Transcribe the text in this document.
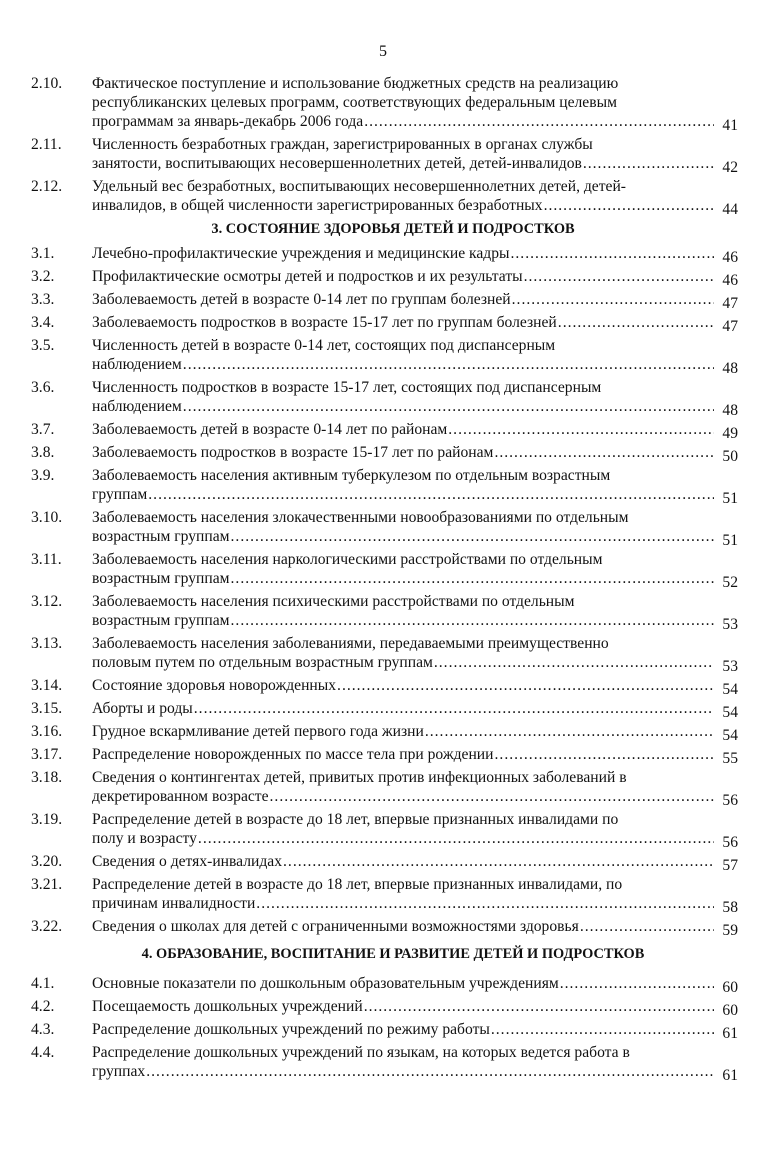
5
2.10.	Фактическое поступление и использование бюджетных средств на реализацию
республиканских целевых программ, соответствующих федеральным целевым
программам за январь-декабрь 2006 года .....	41
2.11.	Численность безработных граждан, зарегистрированных в органах службы
занятости, воспитывающих несовершеннолетних детей, детей-инвалидов .....	42
2.12.	Удельный вес безработных, воспитывающих несовершеннолетних детей, детей-
инвалидов, в общей численности зарегистрированных безработных .....	44
3. СОСТОЯНИЕ ЗДОРОВЬЯ ДЕТЕЙ И ПОДРОСТКОВ
3.1.	Лечебно-профилактические учреждения и медицинские кадры .....	46
3.2.	Профилактические осмотры детей и подростков и их результаты .....	46
3.3.	Заболеваемость детей в возрасте 0-14 лет по группам болезней .....	47
3.4.	Заболеваемость подростков в возрасте 15-17 лет по группам болезней .....	47
3.5.	Численность детей в возрасте 0-14 лет, состоящих под диспансерным
наблюдением .....	48
3.6.	Численность подростков в возрасте 15-17 лет, состоящих под диспансерным
наблюдением .....	48
3.7.	Заболеваемость детей в возрасте 0-14 лет по районам .....	49
3.8.	Заболеваемость подростков в возрасте 15-17 лет по районам .....	50
3.9.	Заболеваемость населения активным туберкулезом по отдельным возрастным
группам .....	51
3.10.	Заболеваемость населения злокачественными новообразованиями по отдельным
возрастным группам .....	51
3.11.	Заболеваемость населения наркологическими расстройствами по отдельным
возрастным группам .....	52
3.12.	Заболеваемость населения психическими расстройствами по отдельным
возрастным группам .....	53
3.13.	Заболеваемость населения заболеваниями, передаваемыми преимущественно
половым путем по отдельным возрастным группам .....	53
3.14.	Состояние здоровья новорожденных .....	54
3.15.	Аборты и роды .....	54
3.16.	Грудное вскармливание детей первого года жизни .....	54
3.17.	Распределение новорожденных по массе тела при рождении .....	55
3.18.	Сведения о контингентах детей, привитых против инфекционных заболеваний в
декретированном возрасте .....	56
3.19.	Распределение детей в возрасте до 18 лет, впервые признанных инвалидами по
полу и возрасту .....	56
3.20.	Сведения о детях-инвалидах .....	57
3.21.	Распределение детей в возрасте до 18 лет, впервые признанных инвалидами, по
причинам инвалидности .....	58
3.22.	Сведения о школах для детей с ограниченными возможностями здоровья .....	59
4. ОБРАЗОВАНИЕ, ВОСПИТАНИЕ И РАЗВИТИЕ ДЕТЕЙ И ПОДРОСТКОВ
4.1.	Основные показатели по дошкольным образовательным учреждениям .....	60
4.2.	Посещаемость дошкольных учреждений .....	60
4.3.	Распределение дошкольных учреждений по режиму работы .....	61
4.4.	Распределение дошкольных учреждений по языкам, на которых ведется работа в
группах .....	61
